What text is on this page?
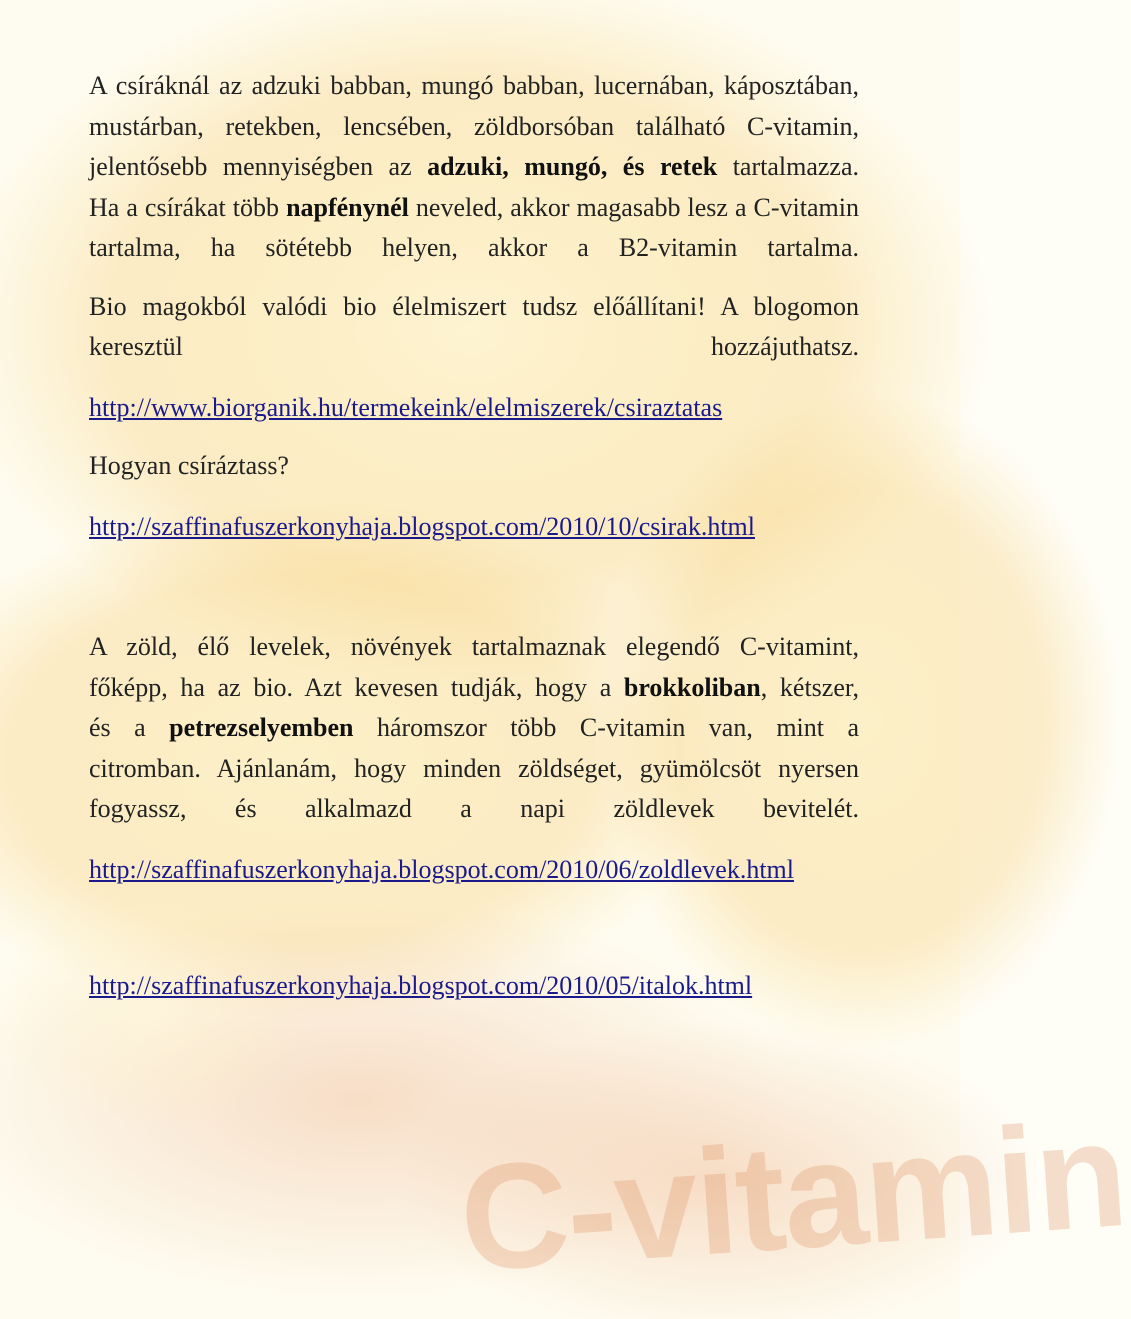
C-vitamin

A csíráknál az adzuki babban, mungó babban, lucernában, káposztában, mustárban, retekben, lencsében, zöldborsóban található C-vitamin, jelentősebb mennyiségben az adzuki, mungó, és retek tartalmazza.

Ha a csírákat több napfénynél neveled, akkor magasabb lesz a C-vitamin tartalma, ha sötétebb helyen, akkor a B2-vitamin tartalma.

Bio magokból valódi bio élelmiszert tudsz előállítani! A blogomon keresztül hozzájuthatsz.

http://www.biorganik.hu/termekeink/elelmiszerek/csiraztatas

Hogyan csíráztass?

http://szaffinafuszerkonyhaja.blogspot.com/2010/10/csirak.html

A zöld, élő levelek, növények tartalmaznak elegendő C-vitamint, főképp, ha az bio. Azt kevesen tudják, hogy a brokkoliban, kétszer, és a petrezselyemben háromszor több C-vitamin van, mint a citromban. Ajánlanám, hogy minden zöldséget, gyümölcsöt nyersen fogyassz, és alkalmazd a napi zöldlevek bevitelét.

http://szaffinafuszerkonyhaja.blogspot.com/2010/06/zoldlevek.html

http://szaffinafuszerkonyhaja.blogspot.com/2010/05/italok.html
